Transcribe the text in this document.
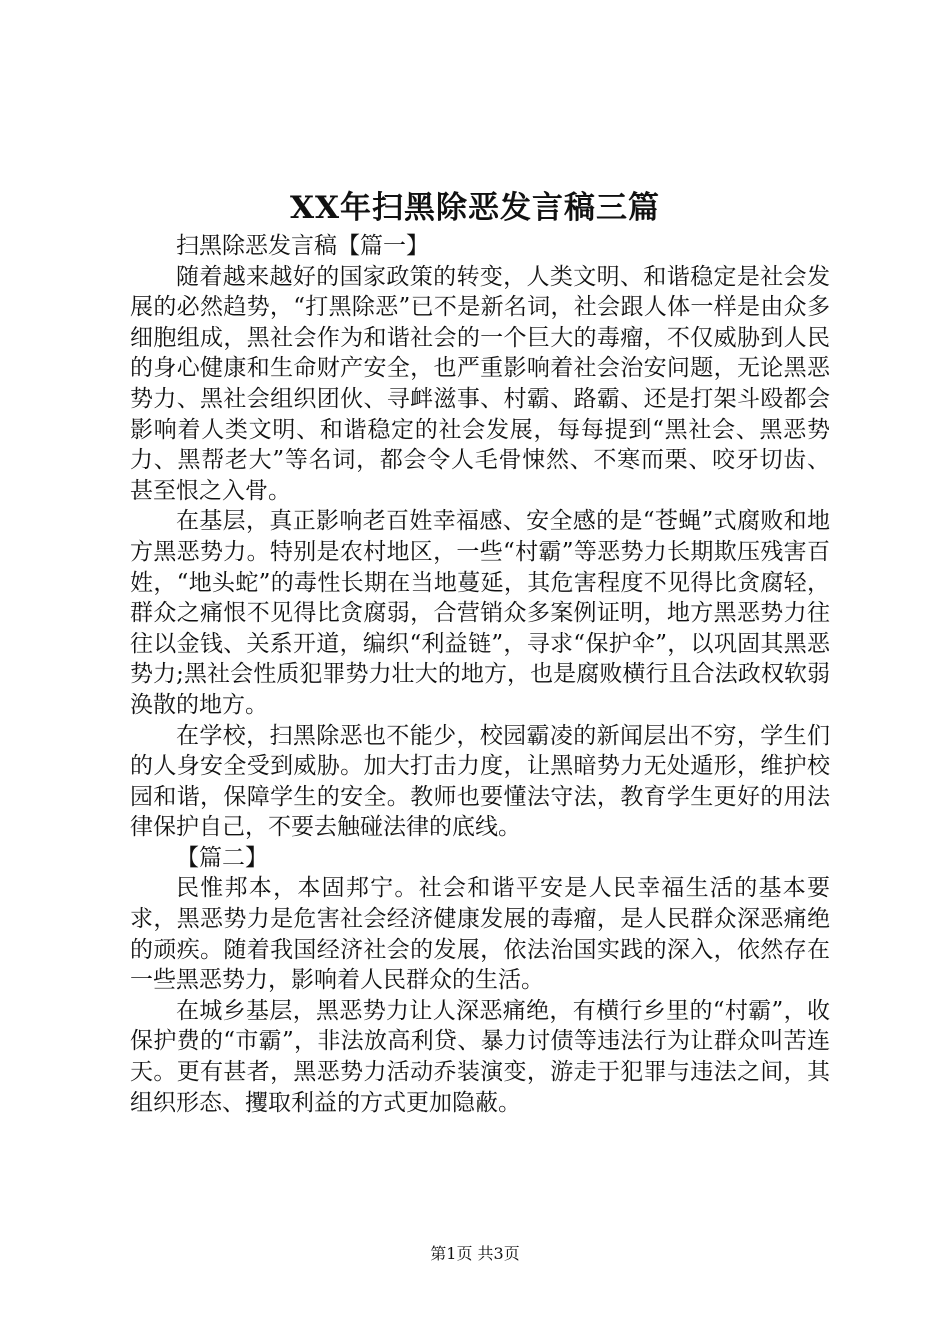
XX年扫黑除恶发言稿三篇

扫黑除恶发言稿【篇一】

随着越来越好的国家政策的转变，人类文明、和谐稳定是社会发展的必然趋势，“打黑除恶”已不是新名词，社会跟人体一样是由众多细胞组成，黑社会作为和谐社会的一个巨大的毒瘤，不仅威胁到人民的身心健康和生命财产安全，也严重影响着社会治安问题，无论黑恶势力、黑社会组织团伙、寻衅滋事、村霸、路霸、还是打架斗殴都会影响着人类文明、和谐稳定的社会发展，每每提到“黑社会、黑恶势力、黑帮老大”等名词，都会令人毛骨悚然、不寒而栗、咬牙切齿、甚至恨之入骨。

在基层，真正影响老百姓幸福感、安全感的是“苍蝇”式腐败和地方黑恶势力。特别是农村地区，一些“村霸”等恶势力长期欺压残害百姓，“地头蛇”的毒性长期在当地蔓延，其危害程度不见得比贪腐轻，群众之痛恨不见得比贪腐弱，合营销众多案例证明，地方黑恶势力往往以金钱、关系开道，编织“利益链”，寻求“保护伞”，以巩固其黑恶势力;黑社会性质犯罪势力壮大的地方，也是腐败横行且合法政权软弱涣散的地方。

在学校，扫黑除恶也不能少，校园霸凌的新闻层出不穷，学生们的人身安全受到威胁。加大打击力度，让黑暗势力无处遁形，维护校园和谐，保障学生的安全。教师也要懂法守法，教育学生更好的用法律保护自己，不要去触碰法律的底线。

【篇二】

民惟邦本，本固邦宁。社会和谐平安是人民幸福生活的基本要求，黑恶势力是危害社会经济健康发展的毒瘤，是人民群众深恶痛绝的顽疾。随着我国经济社会的发展，依法治国实践的深入，依然存在一些黑恶势力，影响着人民群众的生活。

在城乡基层，黑恶势力让人深恶痛绝，有横行乡里的“村霸”，收保护费的“市霸”，非法放高利贷、暴力讨债等违法行为让群众叫苦连天。更有甚者，黑恶势力活动乔装演变，游走于犯罪与违法之间，其组织形态、攫取利益的方式更加隐蔽。

第1页 共3页
